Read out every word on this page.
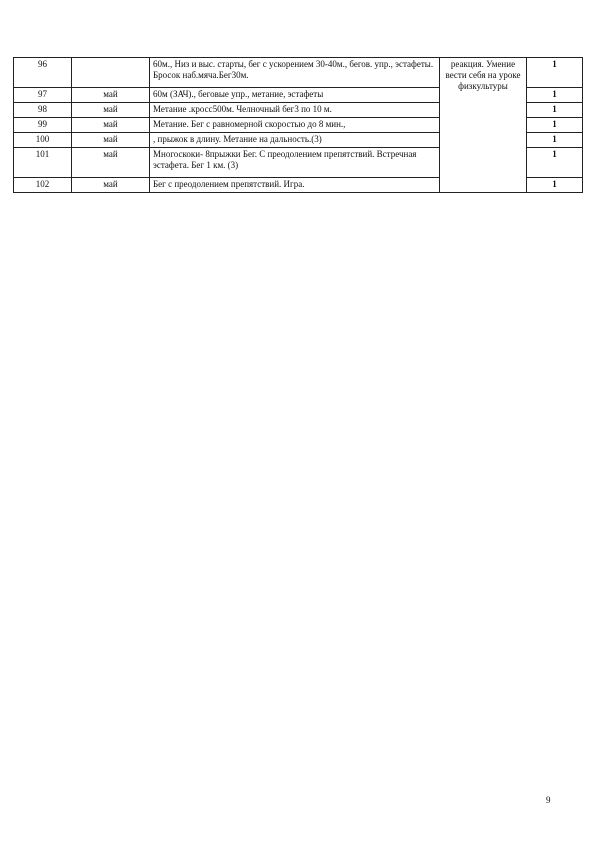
96		60м., Низ и выс. старты, бег с ускорением 30-40м., бегов. упр., эстафеты. Бросок наб.мяча.Бег30м.	реакция. Умение вести себя на уроке физкультуры	1
97	май	60м (ЗАЧ)., беговые упр., метание, эстафеты		1
98	май	Метание .кросс500м. Челночный бег3 по 10 м.		1
99	май	Метание. Бег с равномерной скоростью до 8 мин.,		1
100	май	, прыжок в длину. Метание на дальность.(3)		1
101	май	Многоскоки- 8прыжки Бег. С преодолением препятствий. Встречная эстафета. Бег 1 км. (3)		1
102	май	Бег с преодолением препятствий. Игра.		1
9
